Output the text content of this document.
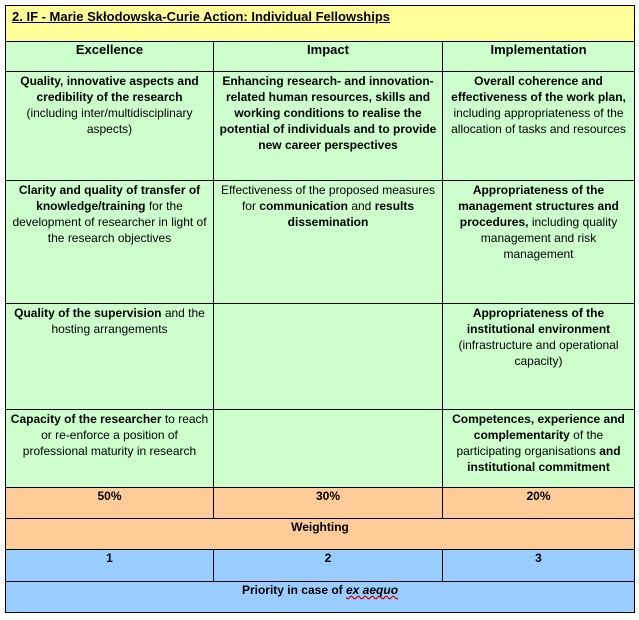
2. IF - Marie Skłodowska-Curie Action: Individual Fellowships		
Excellence	Impact	Implementation

Quality, innovative aspects and credibility of the research (including inter/multidisciplinary aspects)	Enhancing research- and innovation-related human resources, skills and working conditions to realise the potential of individuals and to provide new career perspectives	Overall coherence and effectiveness of the work plan, including appropriateness of the allocation of tasks and resources

Clarity and quality of transfer of knowledge/training for the development of researcher in light of the research objectives	Effectiveness of the proposed measures for communication and results dissemination	Appropriateness of the management structures and procedures, including quality management and risk management

Quality of the supervision and the hosting arrangements		Appropriateness of the institutional environment (infrastructure and operational capacity)

Capacity of the researcher to reach or re-enforce a position of professional maturity in research		Competences, experience and complementarity of the participating organisations and institutional commitment

50%	30%	20%
Weighting		
1	2	3
Priority in case of ex aequo		
